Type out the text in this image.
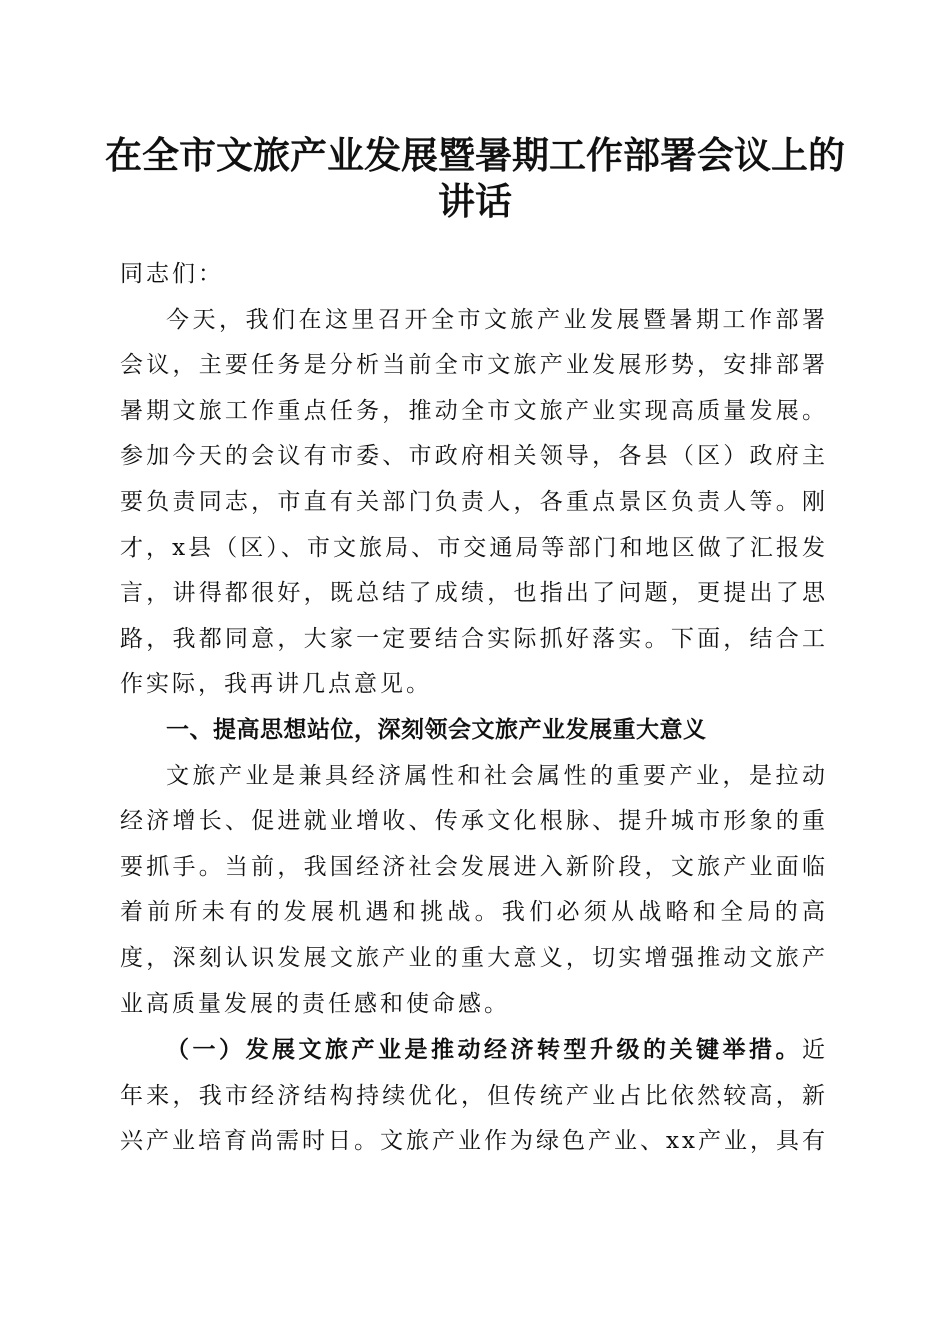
在全市文旅产业发展暨暑期工作部署会议上的
讲话

同志们：

今天，我们在这里召开全市文旅产业发展暨暑期工作部署会议，主要任务是分析当前全市文旅产业发展形势，安排部署暑期文旅工作重点任务，推动全市文旅产业实现高质量发展。参加今天的会议有市委、市政府相关领导，各县（区）政府主要负责同志，市直有关部门负责人，各重点景区负责人等。刚才，x县（区）、市文旅局、市交通局等部门和地区做了汇报发言，讲得都很好，既总结了成绩，也指出了问题，更提出了思路，我都同意，大家一定要结合实际抓好落实。下面，结合工作实际，我再讲几点意见。

一、提高思想站位，深刻领会文旅产业发展重大意义

文旅产业是兼具经济属性和社会属性的重要产业，是拉动经济增长、促进就业增收、传承文化根脉、提升城市形象的重要抓手。当前，我国经济社会发展进入新阶段，文旅产业面临着前所未有的发展机遇和挑战。我们必须从战略和全局的高度，深刻认识发展文旅产业的重大意义，切实增强推动文旅产业高质量发展的责任感和使命感。

（一）发展文旅产业是推动经济转型升级的关键举措。近年来，我市经济结构持续优化，但传统产业占比依然较高，新兴产业培育尚需时日。文旅产业作为绿色产业、xx产业，具有
